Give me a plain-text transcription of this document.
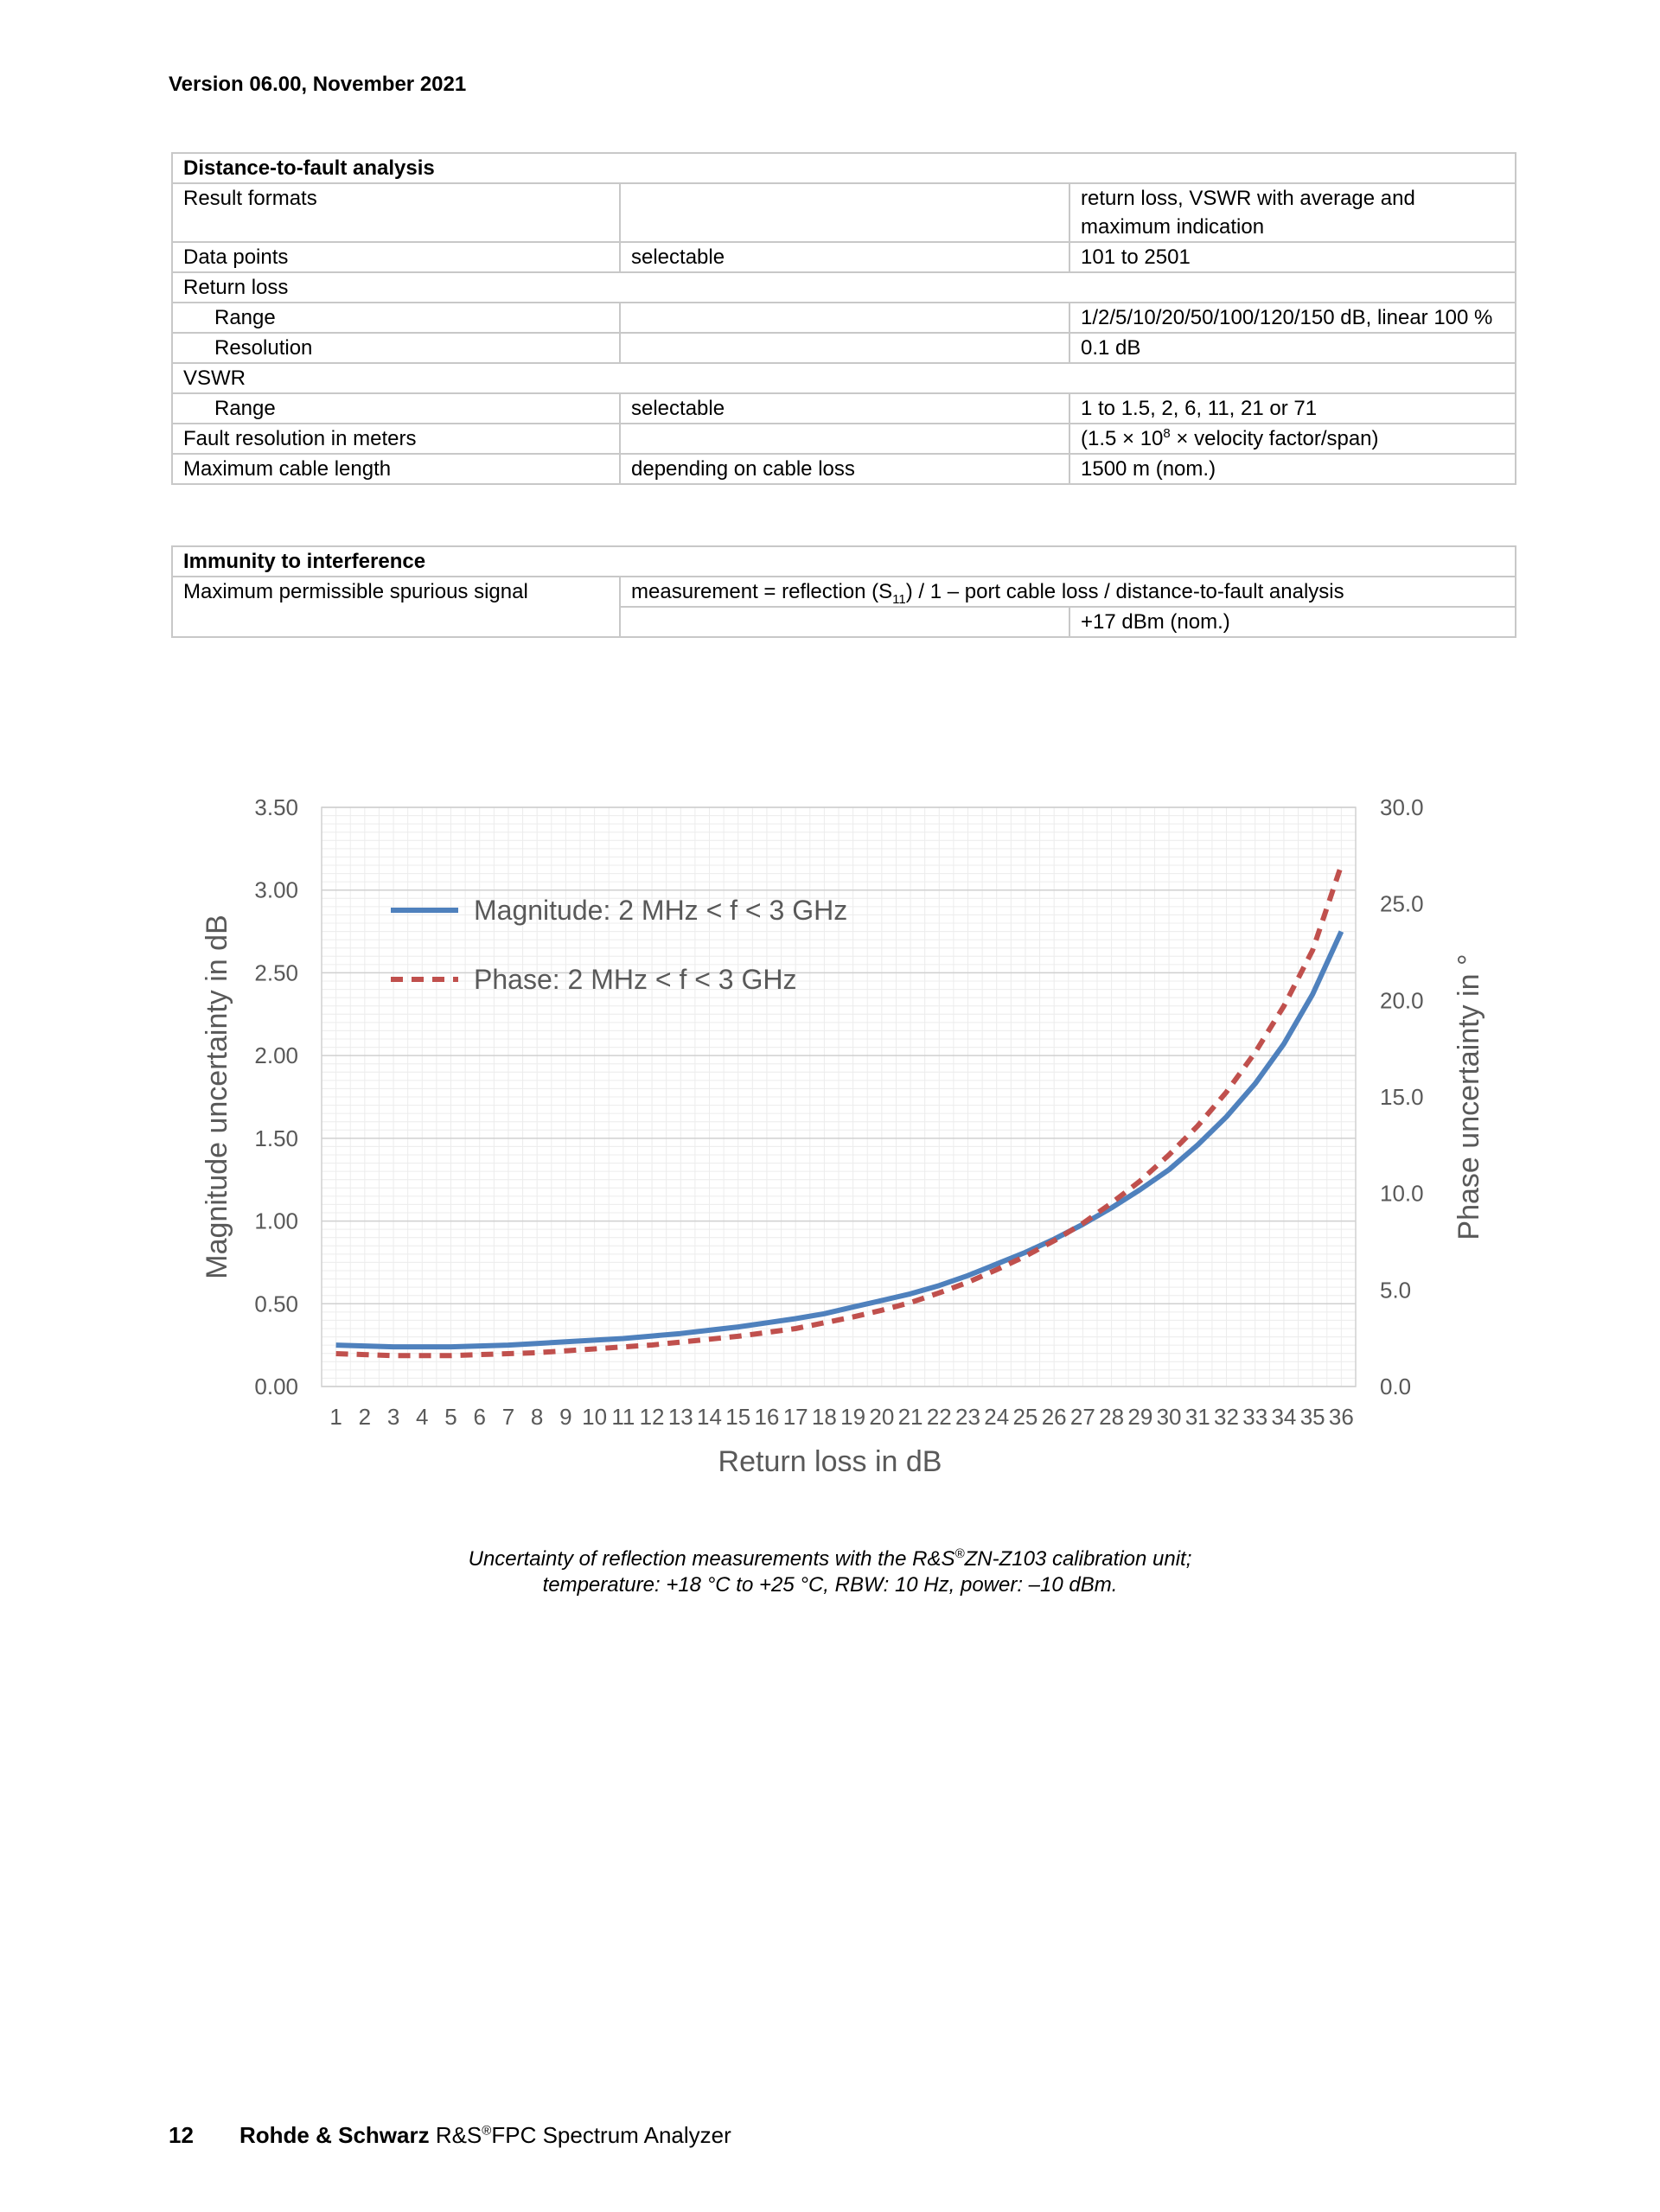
Version 06.00, November 2021
Distance-to-fault analysis		
Result formats		return loss, VSWR with average and maximum indication
Data points	selectable	101 to 2501
Return loss		
Range		1/2/5/10/20/50/100/120/150 dB, linear 100 %
Resolution		0.1 dB
VSWR		
Range	selectable	1 to 1.5, 2, 6, 11, 21 or 71
Fault resolution in meters		($1.5 \times 10^8$ × velocity factor/span)
Maximum cable length	depending on cable loss	1500 m (nom.)
Immunity to interference		
Maximum permissible spurious signal	measurement = reflection $(S_{11}) / 1$ – port cable loss / distance-to-fault analysis	
		+17 dBm (nom.)
0.00
0.50
1.00
1.50
2.00
2.50
3.00
3.50
0.0
5.0
10.0
15.0
20.0
25.0
30.0
1 2 3 4 5 6 7 8 9 10 11 12 13 14 15 16 17 18 19 20 21 22 23 24 25 26 27 28 29 30 31 32 33 34 35 36
Return loss in dB
Magnitude uncertainty in dB	Phase uncertainty in °
Magnitude: 2 MHz < f < 3 GHz
Phase: 2 MHz < f < 3 GHz
Uncertainty of reflection measurements with the R&S®ZN-Z103 calibration unit;
temperature: +18 °C to +25 °C, RBW: 10 Hz, power: –10 dBm.
12 Rohde & Schwarz R&S®FPC Spectrum Analyzer
